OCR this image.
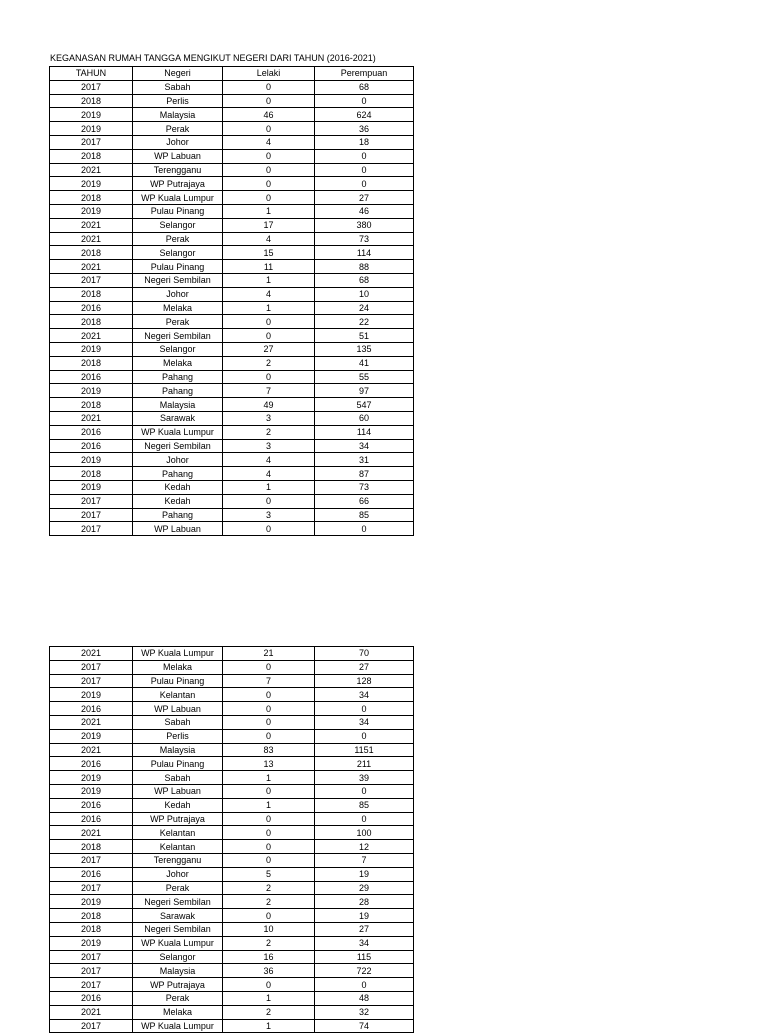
KEGANASAN RUMAH TANGGA MENGIKUT NEGERI DARI TAHUN (2016-2021)
TAHUN	Negeri	Lelaki	Perempuan
2017	Sabah	0	68
2018	Perlis	0	0
2019	Malaysia	46	624
2019	Perak	0	36
2017	Johor	4	18
2018	WP Labuan	0	0
2021	Terengganu	0	0
2019	WP Putrajaya	0	0
2018	WP Kuala Lumpur	0	27
2019	Pulau Pinang	1	46
2021	Selangor	17	380
2021	Perak	4	73
2018	Selangor	15	114
2021	Pulau Pinang	11	88
2017	Negeri Sembilan	1	68
2018	Johor	4	10
2016	Melaka	1	24
2018	Perak	0	22
2021	Negeri Sembilan	0	51
2019	Selangor	27	135
2018	Melaka	2	41
2016	Pahang	0	55
2019	Pahang	7	97
2018	Malaysia	49	547
2021	Sarawak	3	60
2016	WP Kuala Lumpur	2	114
2016	Negeri Sembilan	3	34
2019	Johor	4	31
2018	Pahang	4	87
2019	Kedah	1	73
2017	Kedah	0	66
2017	Pahang	3	85
2017	WP Labuan	0	0
2021	WP Kuala Lumpur	21	70
2017	Melaka	0	27
2017	Pulau Pinang	7	128
2019	Kelantan	0	34
2016	WP Labuan	0	0
2021	Sabah	0	34
2019	Perlis	0	0
2021	Malaysia	83	1151
2016	Pulau Pinang	13	211
2019	Sabah	1	39
2019	WP Labuan	0	0
2016	Kedah	1	85
2016	WP Putrajaya	0	0
2021	Kelantan	0	100
2018	Kelantan	0	12
2017	Terengganu	0	7
2016	Johor	5	19
2017	Perak	2	29
2019	Negeri Sembilan	2	28
2018	Sarawak	0	19
2018	Negeri Sembilan	10	27
2019	WP Kuala Lumpur	2	34
2017	Selangor	16	115
2017	Malaysia	36	722
2017	WP Putrajaya	0	0
2016	Perak	1	48
2021	Melaka	2	32
2017	WP Kuala Lumpur	1	74
